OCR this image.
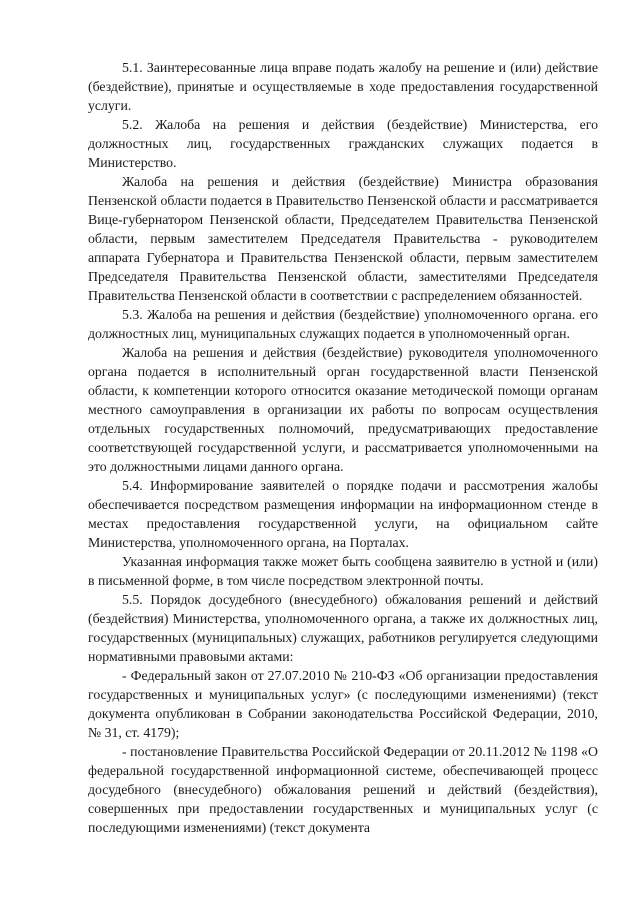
5.1. Заинтересованные лица вправе подать жалобу на решение и (или) действие (бездействие), принятые и осуществляемые в ходе предоставления государственной услуги.

5.2. Жалоба на решения и действия (бездействие) Министерства, его должностных лиц, государственных гражданских служащих подается в Министерство.

Жалоба на решения и действия (бездействие) Министра образования Пензенской области подается в Правительство Пензенской области и рассматривается Вице-губернатором Пензенской области, Председателем Правительства Пензенской области, первым заместителем Председателя Правительства - руководителем аппарата Губернатора и Правительства Пензенской области, первым заместителем Председателя Правительства Пензенской области, заместителями Председателя Правительства Пензенской области в соответствии с распределением обязанностей.

5.3. Жалоба на решения и действия (бездействие) уполномоченного органа. его должностных лиц, муниципальных служащих подается в уполномоченный орган.

Жалоба на решения и действия (бездействие) руководителя уполномоченного органа подается в исполнительный орган государственной власти Пензенской области, к компетенции которого относится оказание методической помощи органам местного самоуправления в организации их работы по вопросам осуществления отдельных государственных полномочий, предусматривающих предоставление соответствующей государственной услуги, и рассматривается уполномоченными на это должностными лицами данного органа.

5.4. Информирование заявителей о порядке подачи и рассмотрения жалобы обеспечивается посредством размещения информации на информационном стенде в местах предоставления государственной услуги, на официальном сайте Министерства, уполномоченного органа, на Порталах.

Указанная информация также может быть сообщена заявителю в устной и (или) в письменной форме, в том числе посредством электронной почты.

5.5. Порядок досудебного (внесудебного) обжалования решений и действий (бездействия) Министерства, уполномоченного органа, а также их должностных лиц, государственных (муниципальных) служащих, работников регулируется следующими нормативными правовыми актами:

- Федеральный закон от 27.07.2010 № 210-ФЗ «Об организации предоставления государственных и муниципальных услуг» (с последующими изменениями) (текст документа опубликован в Собрании законодательства Российской Федерации, 2010, № 31, ст. 4179);

- постановление Правительства Российской Федерации от 20.11.2012 № 1198 «О федеральной государственной информационной системе, обеспечивающей процесс досудебного (внесудебного) обжалования решений и действий (бездействия), совершенных при предоставлении государственных и муниципальных услуг (с последующими изменениями) (текст документа
